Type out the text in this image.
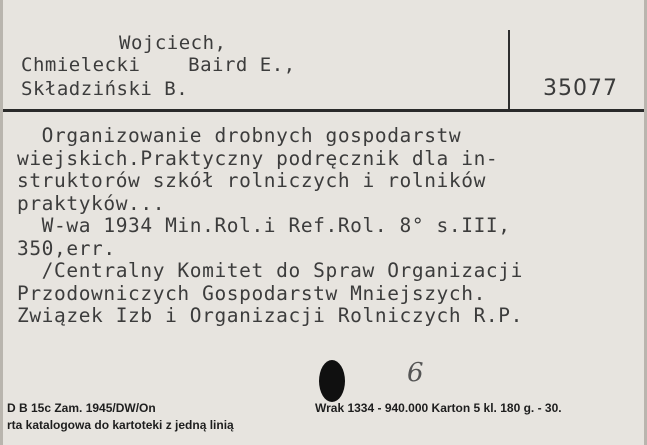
Wojciech,
Chmielecki    Baird E.,
Składziński B.	35077
Organizowanie drobnych gospodarstw
wiejskich.Praktyczny podręcznik dla in-
struktorów szkół rolniczych i rolników
praktyków...
W-wa 1934 Min.Rol.i Ref.Rol. 8° s.III,
350,err.
/Centralny Komitet do Spraw Organizacji
Przodowniczych Gospodarstw Mniejszych.
Związek Izb i Organizacji Rolniczych R.P.
6
D B 15c Zam. 1945/DW/On	Wrak 1334 - 940.000 Karton 5 kl. 180 g. - 30.
rta katalogowa do kartoteki z jedną linią
